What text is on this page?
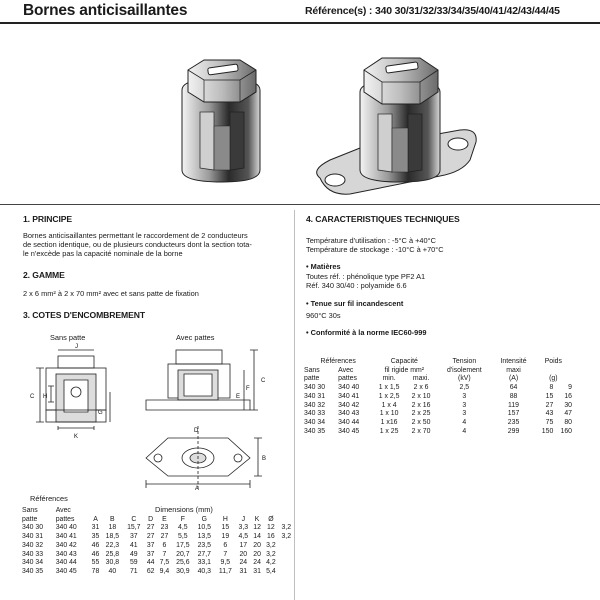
Bornes anticisaillantes	Référence(s) : 340 30/31/32/33/34/35/40/41/42/43/44/45
1. PRINCIPE
Bornes anticisaillantes permettant le raccordement de 2 conducteurs
de section identique, ou de plusieurs conducteurs dont la section tota-
le n'excède pas la capacité nominale de la borne
2. GAMME
2 x 6 mm² à 2 x 70 mm² avec et sans patte de fixation
3. COTES D'ENCOMBREMENT
Sans patte	Avec pattes
J
C H
G
K
C
F
E
B
A
D
Références
Dimensions (mm)
Sans	Avec												
patte	pattes	A	B	C	D	E	F	G	H	J	K	Ø	
340 30	340 40	31	18	15,7	27	23	4,5	10,5	15	3,3	12	12	3,2
340 31	340 41	35	18,5	37	27	27	5,5	13,5	19	4,5	14	16	3,2
340 32	340 42	46	22,3	41	37	6	17,5	23,5	6	17	20	3,2	
340 33	340 43	46	25,8	49	37	7	20,7	27,7	7	20	20	3,2	
340 34	340 44	55	30,8	59	44	7,5	25,6	33,1	9,5	24	24	4,2	
340 35	340 45	78	40	71	62	9,4	30,9	40,3	11,7	31	31	5,4	
4. CARACTERISTIQUES TECHNIQUES
Température d'utilisation : -5°C à +40°C
Température de stockage : -10°C à +70°C
• Matières
Toutes réf. : phénolique type PF2 A1
Réf. 340 30/40 : polyamide 6.6
• Tenue sur fil incandescent
960°C 30s
• Conformité à la norme IEC60-999
Références		Capacité		Tension	Intensité	Poids	
Sans	Avec	fil rigide mm²		d'isolement	maxi		
patte	pattes	min.	maxi.	(kV)	(A)	(g)	
340 30	340 40	1 x 1,5	2 x 6	2,5	64	8	9
340 31	340 41	1 x 2,5	2 x 10	3	88	15	16
340 32	340 42	1 x 4	2 x 16	3	119	27	30
340 33	340 43	1 x 10	2 x 25	3	157	43	47
340 34	340 44	1 x16	2 x 50	4	235	75	80
340 35	340 45	1 x 25	2 x 70	4	299	150	160
